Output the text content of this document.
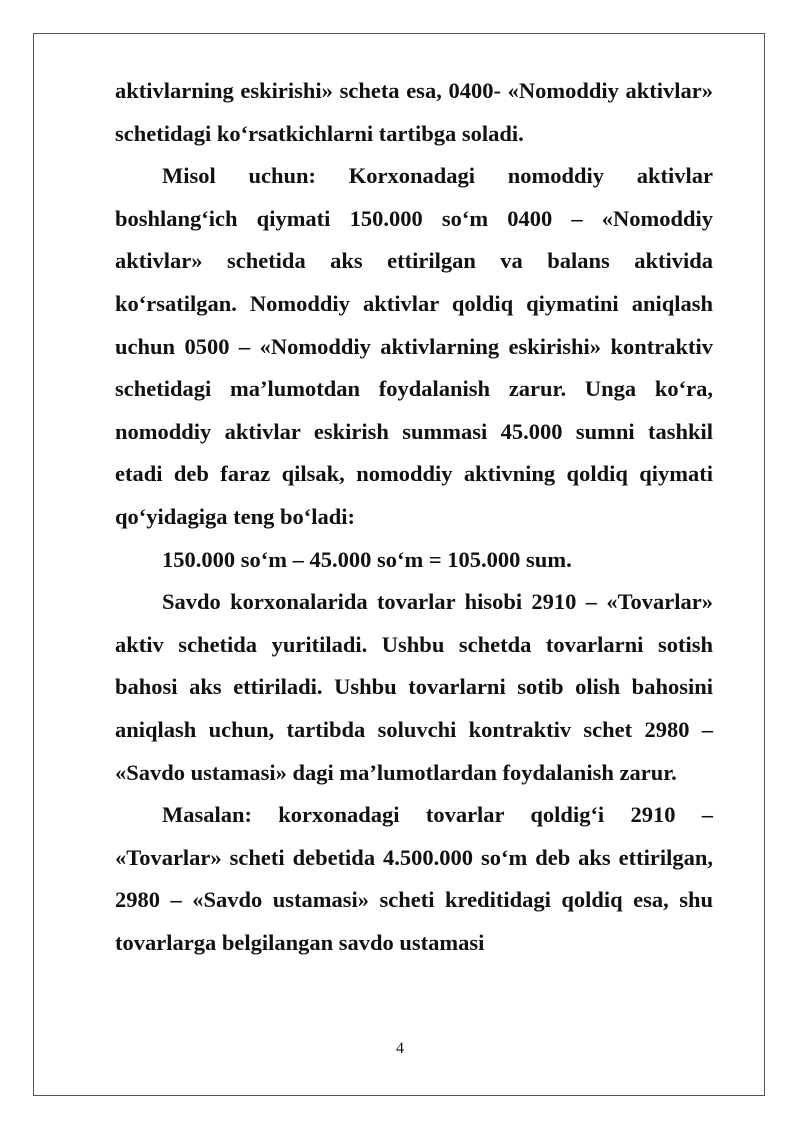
aktivlarning eskirishi» scheta esa, 0400- «Nomoddiy aktivlar» schetidagi ko‘rsatkichlarni tartibga soladi.

Misol uchun: Korxonadagi nomoddiy aktivlar boshlang‘ich qiymati 150.000 so‘m 0400 – «Nomoddiy aktivlar» schetida aks ettirilgan va balans aktivida ko‘rsatilgan. Nomoddiy aktivlar qoldiq qiymatini aniqlash uchun 0500 – «Nomoddiy aktivlarning eskirishi» kontraktiv schetidagi ma’lumotdan foydalanish zarur. Unga ko‘ra, nomoddiy aktivlar eskirish summasi 45.000 sumni tashkil etadi deb faraz qilsak, nomoddiy aktivning qoldiq qiymati qo‘yidagiga teng bo‘ladi:

150.000 so‘m – 45.000 so‘m = 105.000 sum.

Savdo korxonalarida tovarlar hisobi 2910 – «Tovarlar» aktiv schetida yuritiladi. Ushbu schetda tovarlarni sotish bahosi aks ettiriladi. Ushbu tovarlarni sotib olish bahosini aniqlash uchun, tartibda soluvchi kontraktiv schet 2980 – «Savdo ustamasi» dagi ma’lumotlardan foydalanish zarur.

Masalan: korxonadagi tovarlar qoldig‘i 2910 – «Tovarlar» scheti debetida 4.500.000 so‘m deb aks ettirilgan, 2980 – «Savdo ustamasi» scheti kreditidagi qoldiq esa, shu tovarlarga belgilangan savdo ustamasi

4
